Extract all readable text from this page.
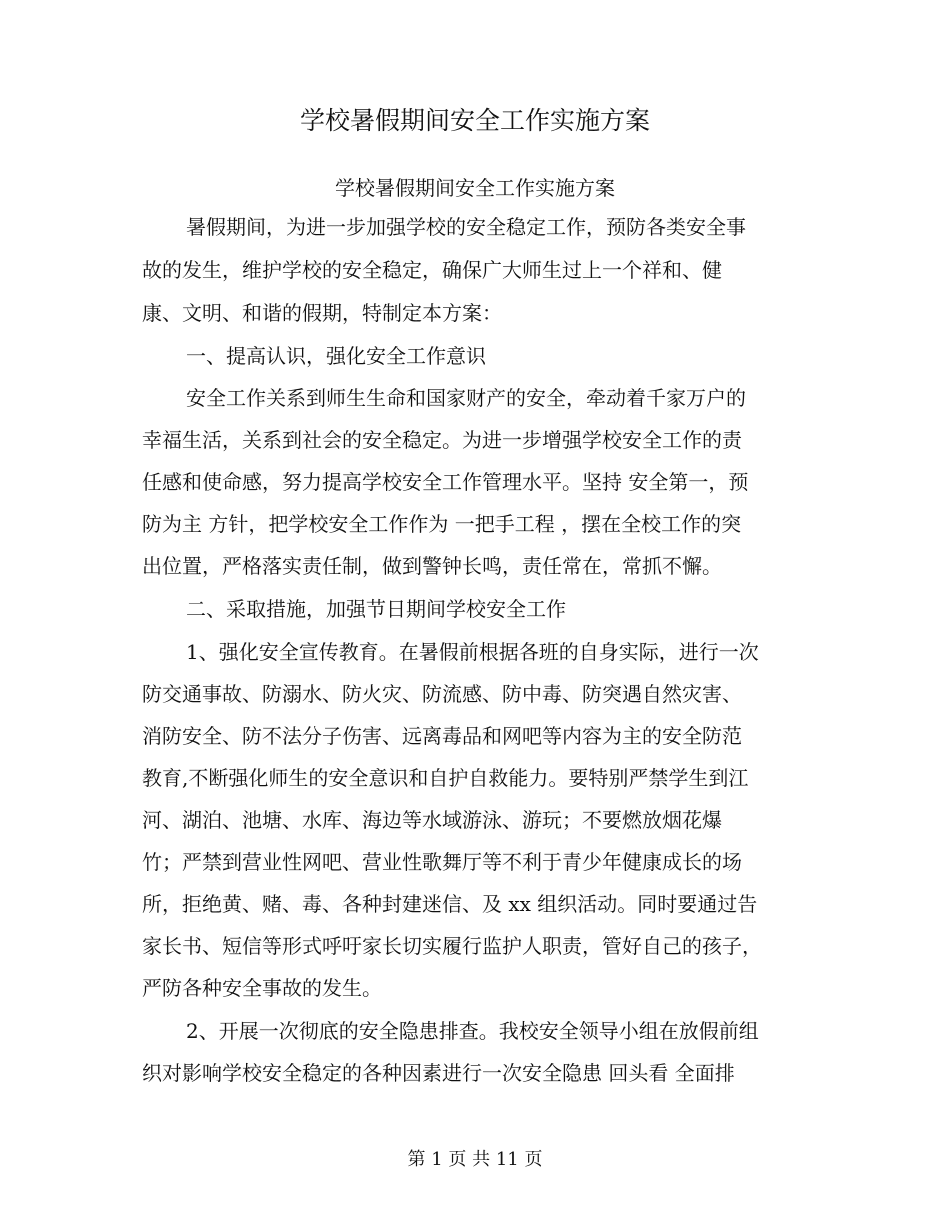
学校暑假期间安全工作实施方案
学校暑假期间安全工作实施方案
暑假期间，为进一步加强学校的安全稳定工作，预防各类安全事
故的发生，维护学校的安全稳定，确保广大师生过上一个祥和、健
康、文明、和谐的假期，特制定本方案：
一、提高认识，强化安全工作意识
安全工作关系到师生生命和国家财产的安全，牵动着千家万户的
幸福生活，关系到社会的安全稳定。为进一步增强学校安全工作的责
任感和使命感，努力提高学校安全工作管理水平。坚持 安全第一，预
防为主 方针，把学校安全工作作为 一把手工程 ，摆在全校工作的突
出位置，严格落实责任制，做到警钟长鸣，责任常在，常抓不懈。
二、采取措施，加强节日期间学校安全工作
1、强化安全宣传教育。在暑假前根据各班的自身实际，进行一次
防交通事故、防溺水、防火灾、防流感、防中毒、防突遇自然灾害、
消防安全、防不法分子伤害、远离毒品和网吧等内容为主的安全防范
教育,不断强化师生的安全意识和自护自救能力。要特别严禁学生到江
河、湖泊、池塘、水库、海边等水域游泳、游玩；不要燃放烟花爆
竹；严禁到营业性网吧、营业性歌舞厅等不利于青少年健康成长的场
所，拒绝黄、赌、毒、各种封建迷信、及 xx 组织活动。同时要通过告
家长书、短信等形式呼吁家长切实履行监护人职责，管好自己的孩子，
严防各种安全事故的发生。
2、开展一次彻底的安全隐患排查。我校安全领导小组在放假前组
织对影响学校安全稳定的各种因素进行一次安全隐患 回头看 全面排
第 1 页 共 11 页
